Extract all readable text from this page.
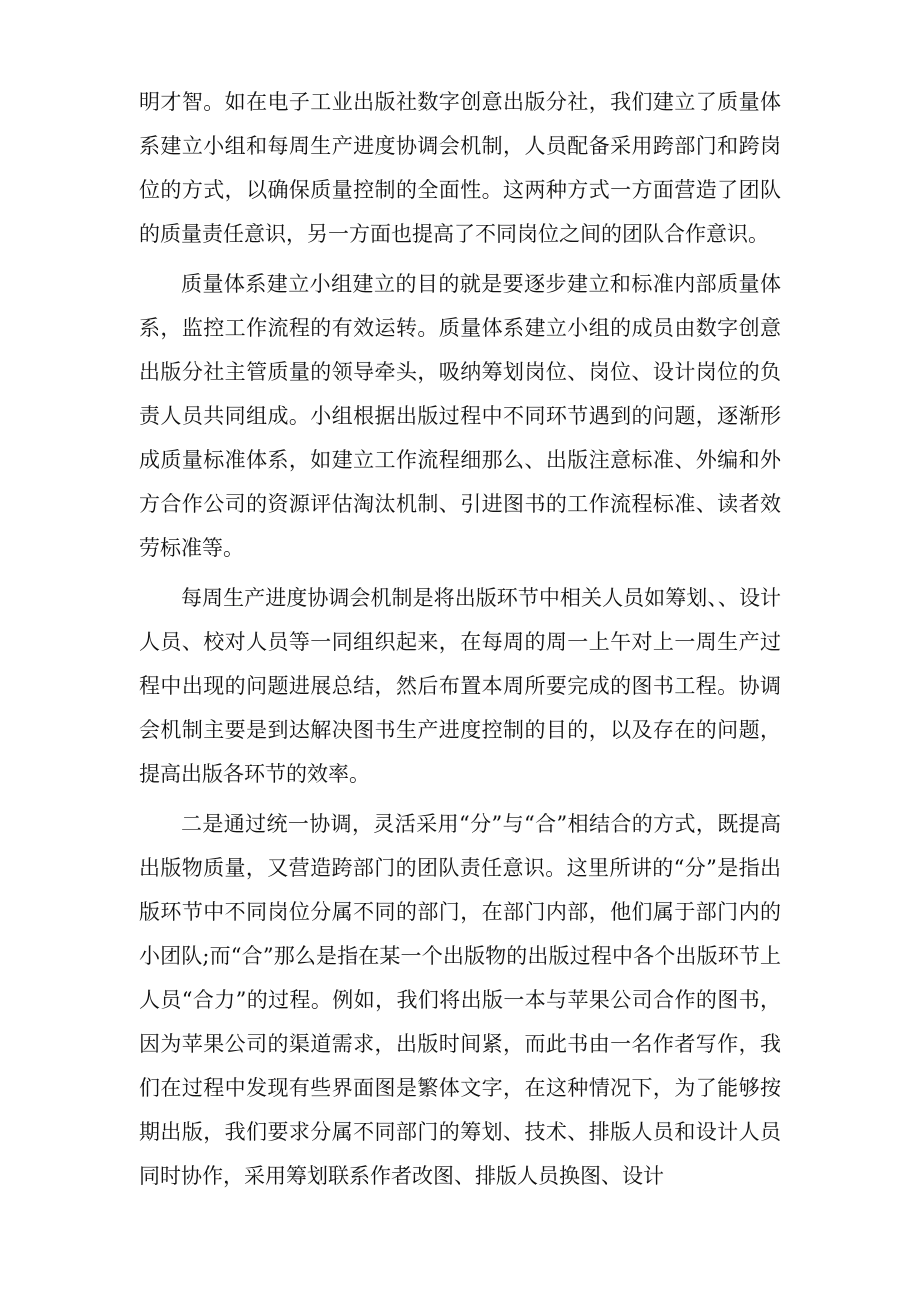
明才智。如在电子工业出版社数字创意出版分社，我们建立了质量体系建立小组和每周生产进度协调会机制，人员配备采用跨部门和跨岗位的方式，以确保质量控制的全面性。这两种方式一方面营造了团队的质量责任意识，另一方面也提高了不同岗位之间的团队合作意识。

质量体系建立小组建立的目的就是要逐步建立和标准内部质量体系，监控工作流程的有效运转。质量体系建立小组的成员由数字创意出版分社主管质量的领导牵头，吸纳筹划岗位、岗位、设计岗位的负责人员共同组成。小组根据出版过程中不同环节遇到的问题，逐渐形成质量标准体系，如建立工作流程细那么、出版注意标准、外编和外方合作公司的资源评估淘汰机制、引进图书的工作流程标准、读者效劳标准等。

每周生产进度协调会机制是将出版环节中相关人员如筹划、、设计人员、校对人员等一同组织起来，在每周的周一上午对上一周生产过程中出现的问题进展总结，然后布置本周所要完成的图书工程。协调会机制主要是到达解决图书生产进度控制的目的，以及存在的问题，提高出版各环节的效率。

二是通过统一协调，灵活采用“分”与“合”相结合的方式，既提高出版物质量，又营造跨部门的团队责任意识。这里所讲的“分”是指出版环节中不同岗位分属不同的部门，在部门内部，他们属于部门内的小团队;而“合”那么是指在某一个出版物的出版过程中各个出版环节上人员“合力”的过程。例如，我们将出版一本与苹果公司合作的图书，因为苹果公司的渠道需求，出版时间紧，而此书由一名作者写作，我们在过程中发现有些界面图是繁体文字，在这种情况下，为了能够按期出版，我们要求分属不同部门的筹划、技术、排版人员和设计人员同时协作，采用筹划联系作者改图、排版人员换图、设计
